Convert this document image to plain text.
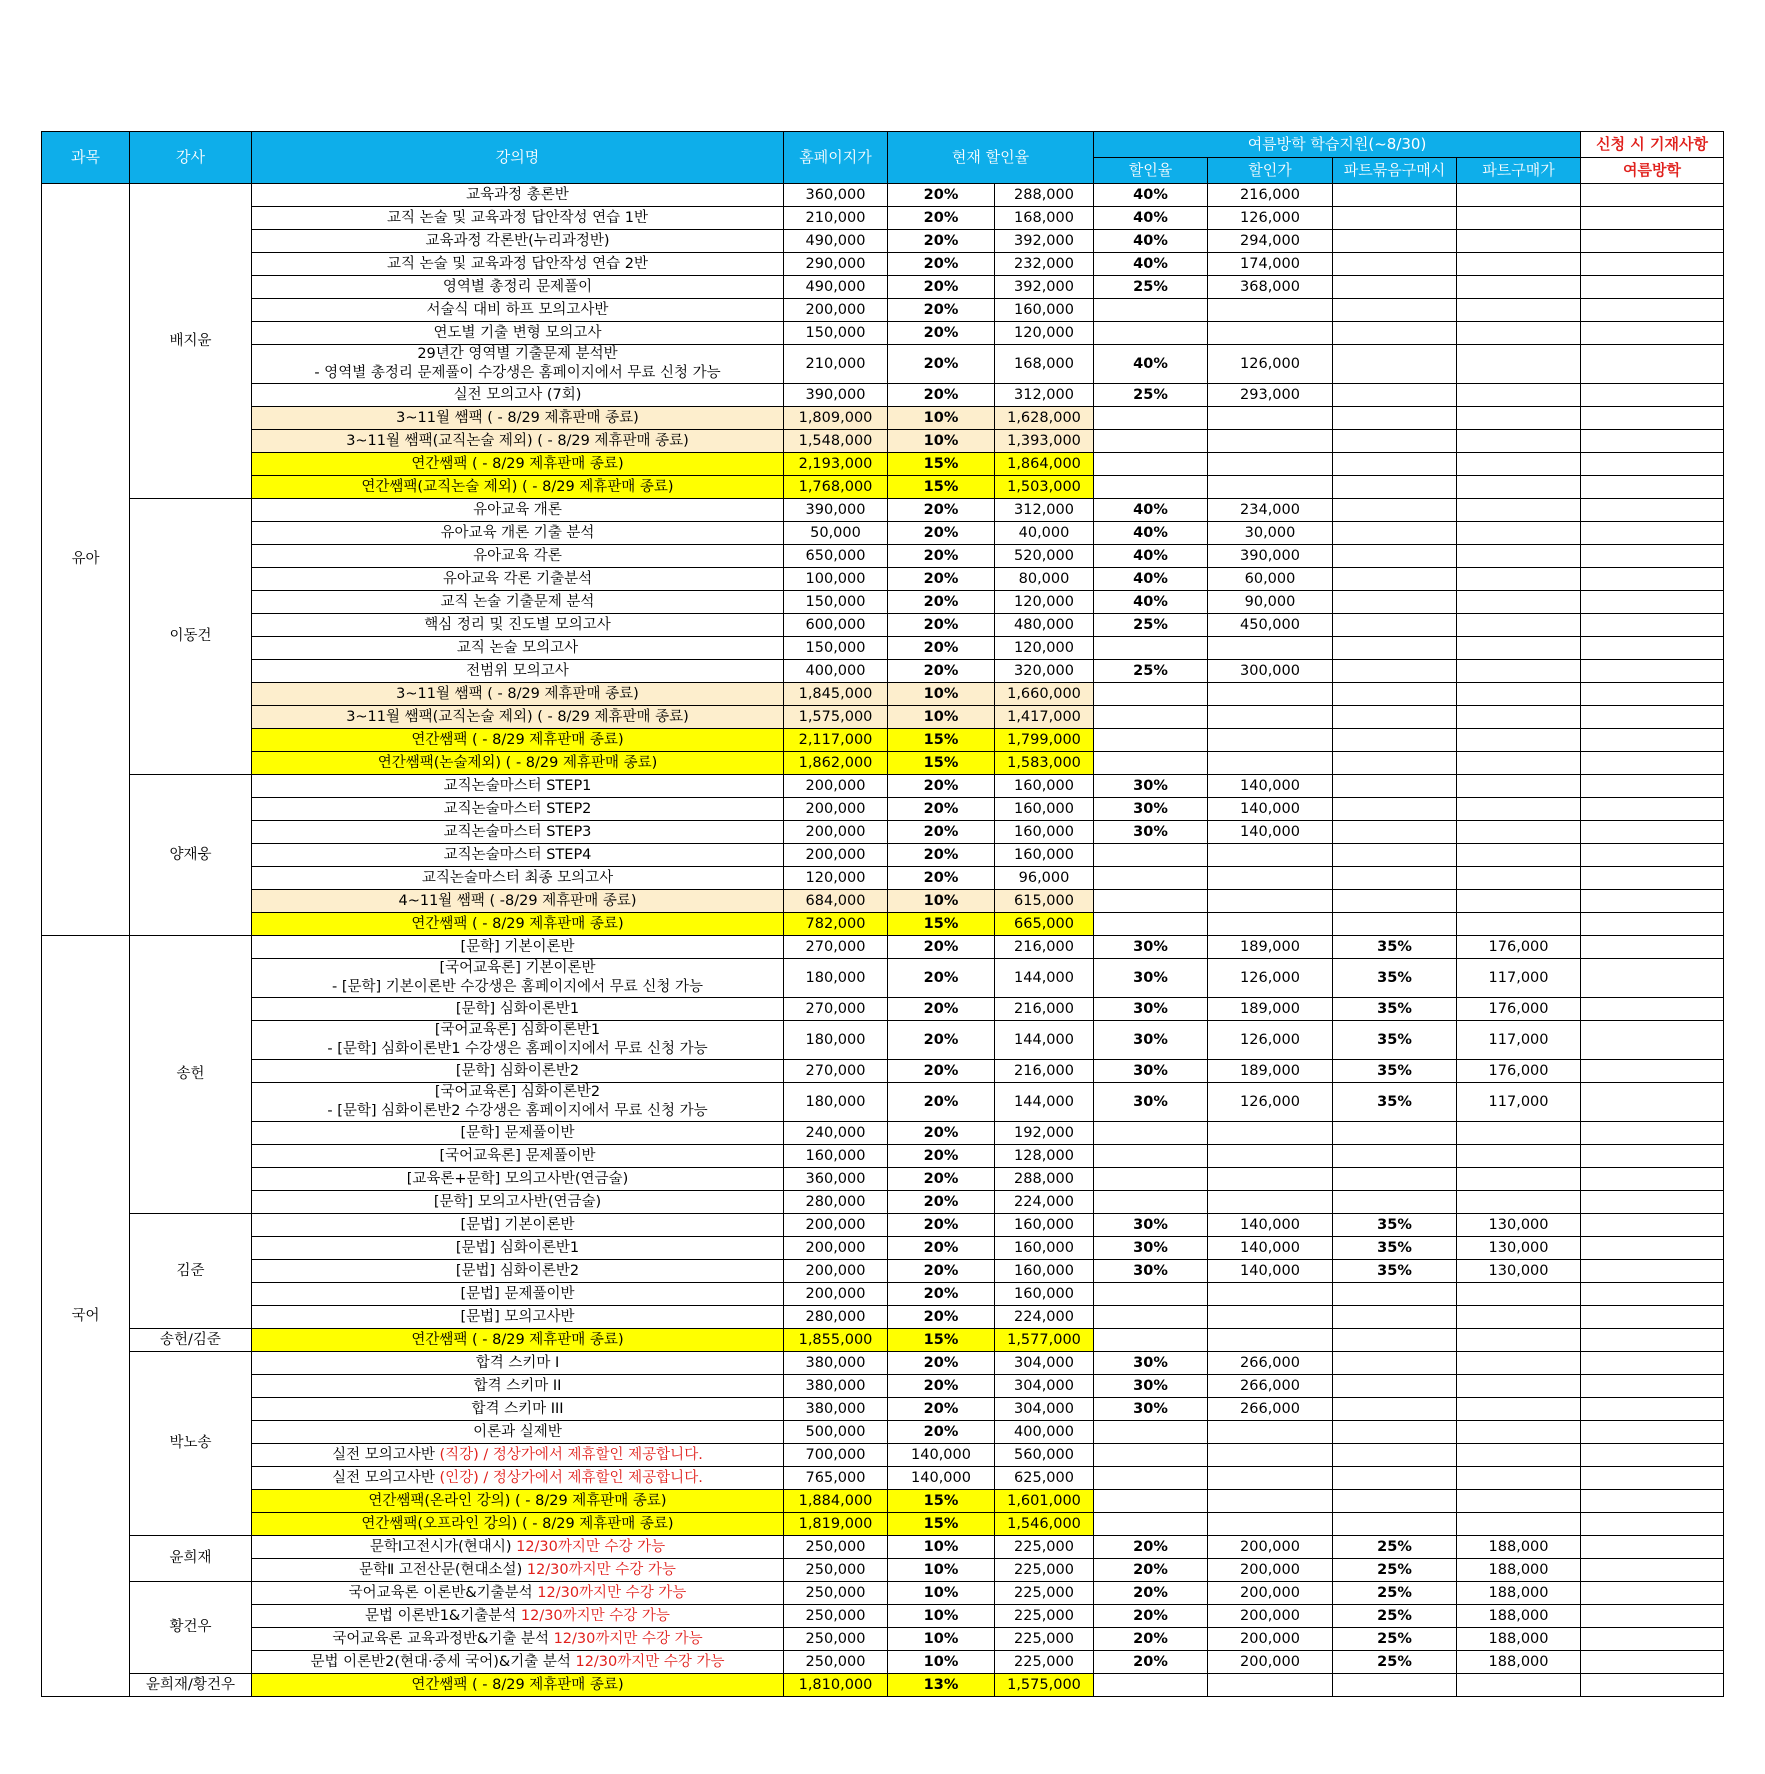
과목	강사	강의명	홈페이지가	현재 할인율		여름방학 학습지원(~8/30)				신청 시 기재사항
						할인율	할인가	파트묶음구매시	파트구매가	여름방학
유아	배지윤	교육과정 총론반	360,000	20%	288,000	40%	216,000			
		교직 논술 및 교육과정 답안작성 연습 1반	210,000	20%	168,000	40%	126,000			
		교육과정 각론반(누리과정반)	490,000	20%	392,000	40%	294,000			
		교직 논술 및 교육과정 답안작성 연습 2반	290,000	20%	232,000	40%	174,000			
		영역별 총정리 문제풀이	490,000	20%	392,000	25%	368,000			
		서술식 대비 하프 모의고사반	200,000	20%	160,000					
		연도별 기출 변형 모의고사	150,000	20%	120,000					
		29년간 영역별 기출문제 분석반
- 영역별 총정리 문제풀이 수강생은 홈페이지에서 무료 신청 가능	210,000	20%	168,000	40%	126,000			
		실전 모의고사 (7회)	390,000	20%	312,000	25%	293,000			
		3~11월 쌤팩 ( - 8/29 제휴판매 종료)	1,809,000	10%	1,628,000					
		3~11월 쌤팩(교직논술 제외) ( - 8/29 제휴판매 종료)	1,548,000	10%	1,393,000					
		연간쌤팩 ( - 8/29 제휴판매 종료)	2,193,000	15%	1,864,000					
		연간쌤팩(교직논술 제외) ( - 8/29 제휴판매 종료)	1,768,000	15%	1,503,000					
	이동건	유아교육 개론	390,000	20%	312,000	40%	234,000			
		유아교육 개론 기출 분석	50,000	20%	40,000	40%	30,000			
		유아교육 각론	650,000	20%	520,000	40%	390,000			
		유아교육 각론 기출분석	100,000	20%	80,000	40%	60,000			
		교직 논술 기출문제 분석	150,000	20%	120,000	40%	90,000			
		핵심 정리 및 진도별 모의고사	600,000	20%	480,000	25%	450,000			
		교직 논술 모의고사	150,000	20%	120,000					
		전범위 모의고사	400,000	20%	320,000	25%	300,000			
		3~11월 쌤팩 ( - 8/29 제휴판매 종료)	1,845,000	10%	1,660,000					
		3~11월 쌤팩(교직논술 제외) ( - 8/29 제휴판매 종료)	1,575,000	10%	1,417,000					
		연간쌤팩 ( - 8/29 제휴판매 종료)	2,117,000	15%	1,799,000					
		연간쌤팩(논술제외) ( - 8/29 제휴판매 종료)	1,862,000	15%	1,583,000					
	양재웅	교직논술마스터 STEP1	200,000	20%	160,000	30%	140,000			
		교직논술마스터 STEP2	200,000	20%	160,000	30%	140,000			
		교직논술마스터 STEP3	200,000	20%	160,000	30%	140,000			
		교직논술마스터 STEP4	200,000	20%	160,000					
		교직논술마스터 최종 모의고사	120,000	20%	96,000					
		4~11월 쌤팩 ( -8/29 제휴판매 종료)	684,000	10%	615,000					
		연간쌤팩 ( - 8/29 제휴판매 종료)	782,000	15%	665,000					
국어	송헌	[문학] 기본이론반	270,000	20%	216,000	30%	189,000	35%	176,000	
		[국어교육론] 기본이론반
- [문학] 기본이론반 수강생은 홈페이지에서 무료 신청 가능	180,000	20%	144,000	30%	126,000	35%	117,000	
		[문학] 심화이론반1	270,000	20%	216,000	30%	189,000	35%	176,000	
		[국어교육론] 심화이론반1
- [문학] 심화이론반1 수강생은 홈페이지에서 무료 신청 가능	180,000	20%	144,000	30%	126,000	35%	117,000	
		[문학] 심화이론반2	270,000	20%	216,000	30%	189,000	35%	176,000	
		[국어교육론] 심화이론반2
- [문학] 심화이론반2 수강생은 홈페이지에서 무료 신청 가능	180,000	20%	144,000	30%	126,000	35%	117,000	
		[문학] 문제풀이반	240,000	20%	192,000					
		[국어교육론] 문제풀이반	160,000	20%	128,000					
		[교육론+문학] 모의고사반(연금술)	360,000	20%	288,000					
		[문학] 모의고사반(연금술)	280,000	20%	224,000					
	김준	[문법] 기본이론반	200,000	20%	160,000	30%	140,000	35%	130,000	
		[문법] 심화이론반1	200,000	20%	160,000	30%	140,000	35%	130,000	
		[문법] 심화이론반2	200,000	20%	160,000	30%	140,000	35%	130,000	
		[문법] 문제풀이반	200,000	20%	160,000					
		[문법] 모의고사반	280,000	20%	224,000					
	송헌/김준	연간쌤팩 ( - 8/29 제휴판매 종료)	1,855,000	15%	1,577,000					
	박노송	합격 스키마 Ⅰ	380,000	20%	304,000	30%	266,000			
		합격 스키마 II	380,000	20%	304,000	30%	266,000			
		합격 스키마 III	380,000	20%	304,000	30%	266,000			
		이론과 실제반	500,000	20%	400,000					
		실전 모의고사반 (직강) / 정상가에서 제휴할인 제공합니다.	700,000	140,000	560,000					
		실전 모의고사반 (인강) / 정상가에서 제휴할인 제공합니다.	765,000	140,000	625,000					
		연간쌤팩(온라인 강의) ( - 8/29 제휴판매 종료)	1,884,000	15%	1,601,000					
		연간쌤팩(오프라인 강의) ( - 8/29 제휴판매 종료)	1,819,000	15%	1,546,000					
	윤희재	문학Ⅰ고전시가(현대시) 12/30까지만 수강 가능	250,000	10%	225,000	20%	200,000	25%	188,000	
		문학Ⅱ 고전산문(현대소설) 12/30까지만 수강 가능	250,000	10%	225,000	20%	200,000	25%	188,000	
	황건우	국어교육론 이론반&기출분석 12/30까지만 수강 가능	250,000	10%	225,000	20%	200,000	25%	188,000	
		문법 이론반1&기출분석 12/30까지만 수강 가능	250,000	10%	225,000	20%	200,000	25%	188,000	
		국어교육론 교육과정반&기출 분석 12/30까지만 수강 가능	250,000	10%	225,000	20%	200,000	25%	188,000	
		문법 이론반2(현대·중세 국어)&기출 분석 12/30까지만 수강 가능	250,000	10%	225,000	20%	200,000	25%	188,000	
	윤희재/황건우	연간쌤팩 ( - 8/29 제휴판매 종료)	1,810,000	13%	1,575,000					
